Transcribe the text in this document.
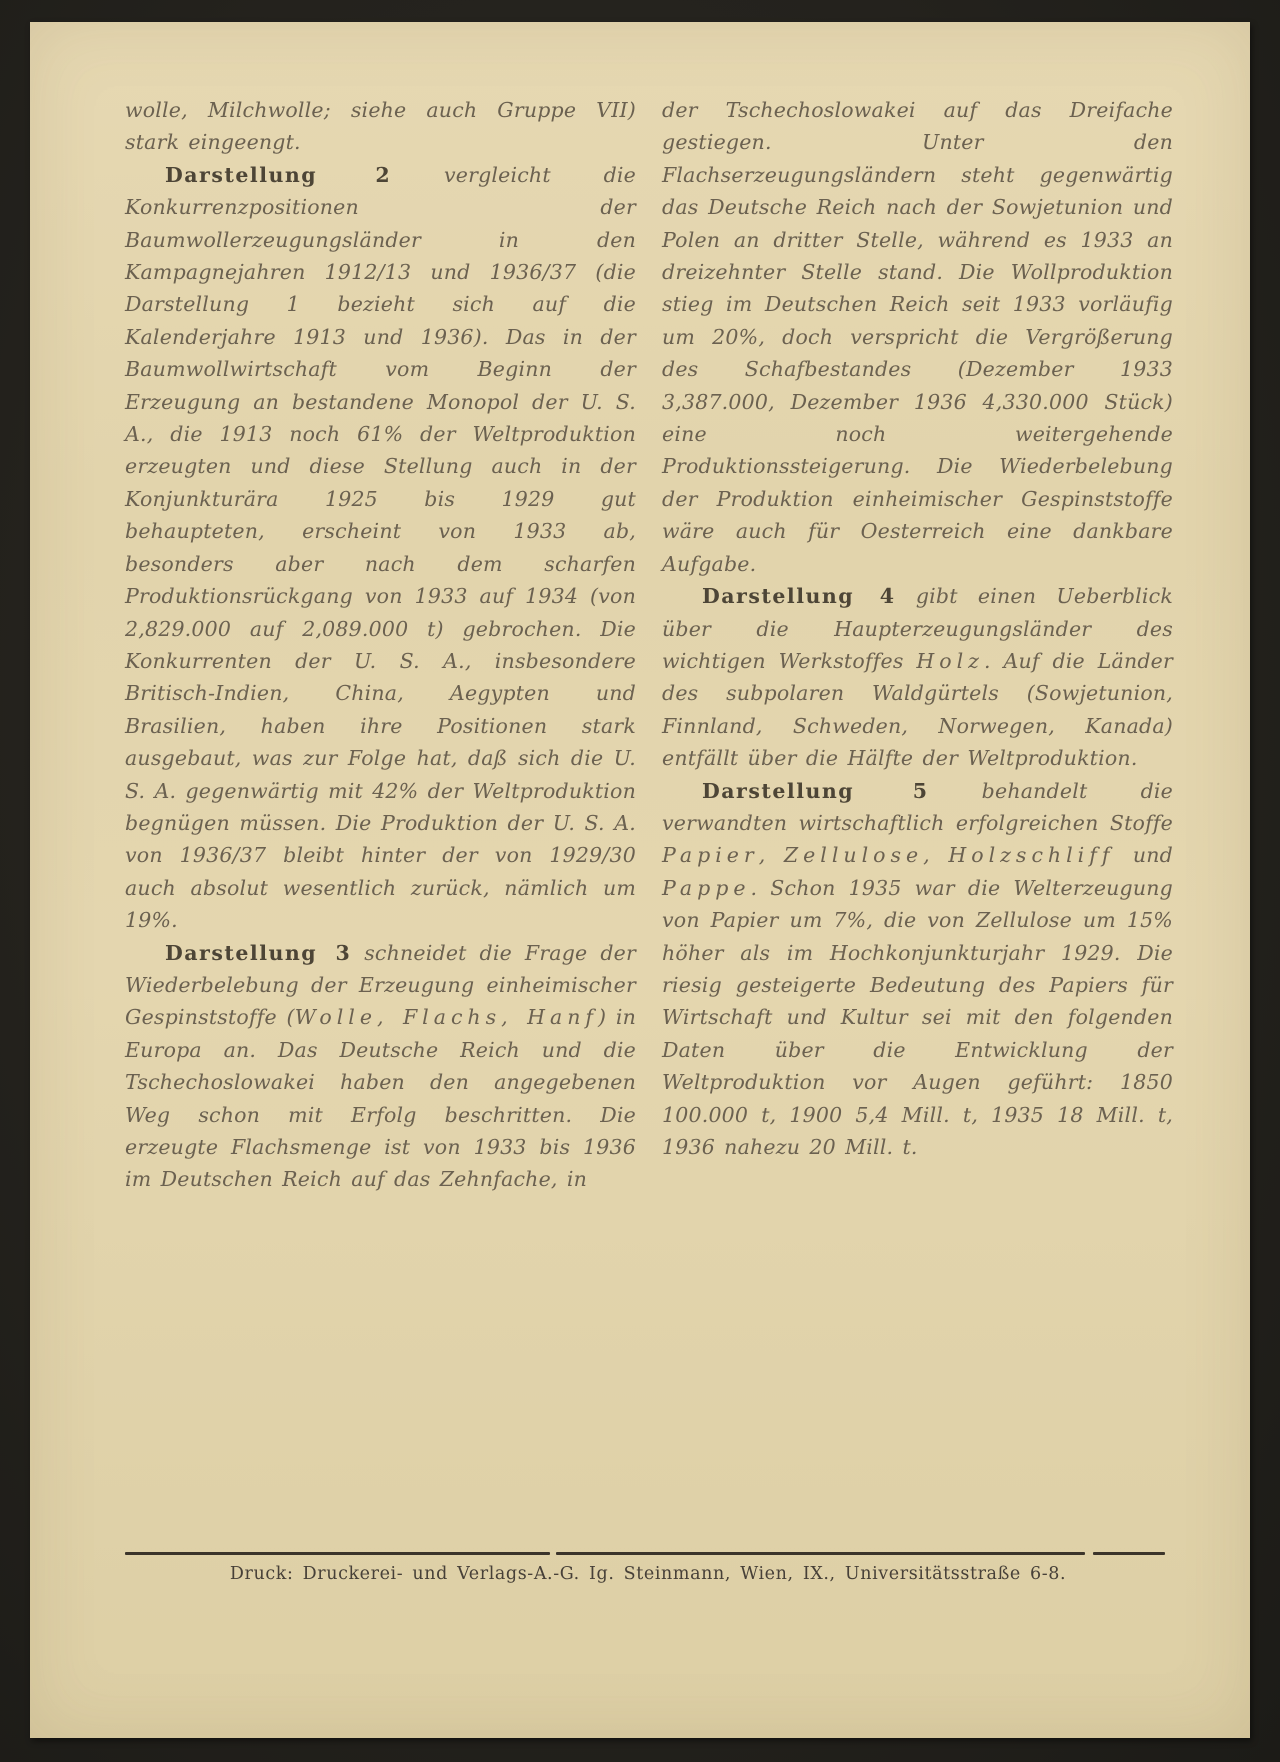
wolle, Milchwolle; siehe auch Gruppe VII) stark eingeengt.

Darstellung 2 vergleicht die Konkurrenzpositionen der Baumwollerzeugungsländer in den Kampagnejahren 1912/13 und 1936/37 (die Darstellung 1 bezieht sich auf die Kalenderjahre 1913 und 1936). Das in der Baumwollwirtschaft vom Beginn der Erzeugung an bestandene Monopol der U. S. A., die 1913 noch 61% der Weltproduktion erzeugten und diese Stellung auch in der Konjunkturära 1925 bis 1929 gut behaupteten, erscheint von 1933 ab, besonders aber nach dem scharfen Produktionsrückgang von 1933 auf 1934 (von 2,829.000 auf 2,089.000 t) gebrochen. Die Konkurrenten der U. S. A., insbesondere Britisch-Indien, China, Aegypten und Brasilien, haben ihre Positionen stark ausgebaut, was zur Folge hat, daß sich die U. S. A. gegenwärtig mit 42% der Weltproduktion begnügen müssen. Die Produktion der U. S. A. von 1936/37 bleibt hinter der von 1929/30 auch absolut wesentlich zurück, nämlich um 19%.

Darstellung 3 schneidet die Frage der Wiederbelebung der Erzeugung einheimischer Gespinststoffe (Wolle, Flachs, Hanf) in Europa an. Das Deutsche Reich und die Tschechoslowakei haben den angegebenen Weg schon mit Erfolg beschritten. Die erzeugte Flachsmenge ist von 1933 bis 1936 im Deutschen Reich auf das Zehnfache, in

der Tschechoslowakei auf das Dreifache gestiegen. Unter den Flachserzeugungsländern steht gegenwärtig das Deutsche Reich nach der Sowjetunion und Polen an dritter Stelle, während es 1933 an dreizehnter Stelle stand. Die Wollproduktion stieg im Deutschen Reich seit 1933 vorläufig um 20%, doch verspricht die Vergrößerung des Schafbestandes (Dezember 1933 3,387.000, Dezember 1936 4,330.000 Stück) eine noch weitergehende Produktionssteigerung. Die Wiederbelebung der Produktion einheimischer Gespinststoffe wäre auch für Oesterreich eine dankbare Aufgabe.

Darstellung 4 gibt einen Ueberblick über die Haupterzeugungsländer des wichtigen Werkstoffes Holz. Auf die Länder des subpolaren Waldgürtels (Sowjetunion, Finnland, Schweden, Norwegen, Kanada) entfällt über die Hälfte der Weltproduktion.

Darstellung 5 behandelt die verwandten wirtschaftlich erfolgreichen Stoffe Papier, Zellulose, Holzschliff und Pappe. Schon 1935 war die Welterzeugung von Papier um 7%, die von Zellulose um 15% höher als im Hochkonjunkturjahr 1929. Die riesig gesteigerte Bedeutung des Papiers für Wirtschaft und Kultur sei mit den folgenden Daten über die Entwicklung der Weltproduktion vor Augen geführt: 1850 100.000 t, 1900 5,4 Mill. t, 1935 18 Mill. t, 1936 nahezu 20 Mill. t.

Druck: Druckerei- und Verlags-A.-G. Ig. Steinmann, Wien, IX., Universitätsstraße 6-8.
